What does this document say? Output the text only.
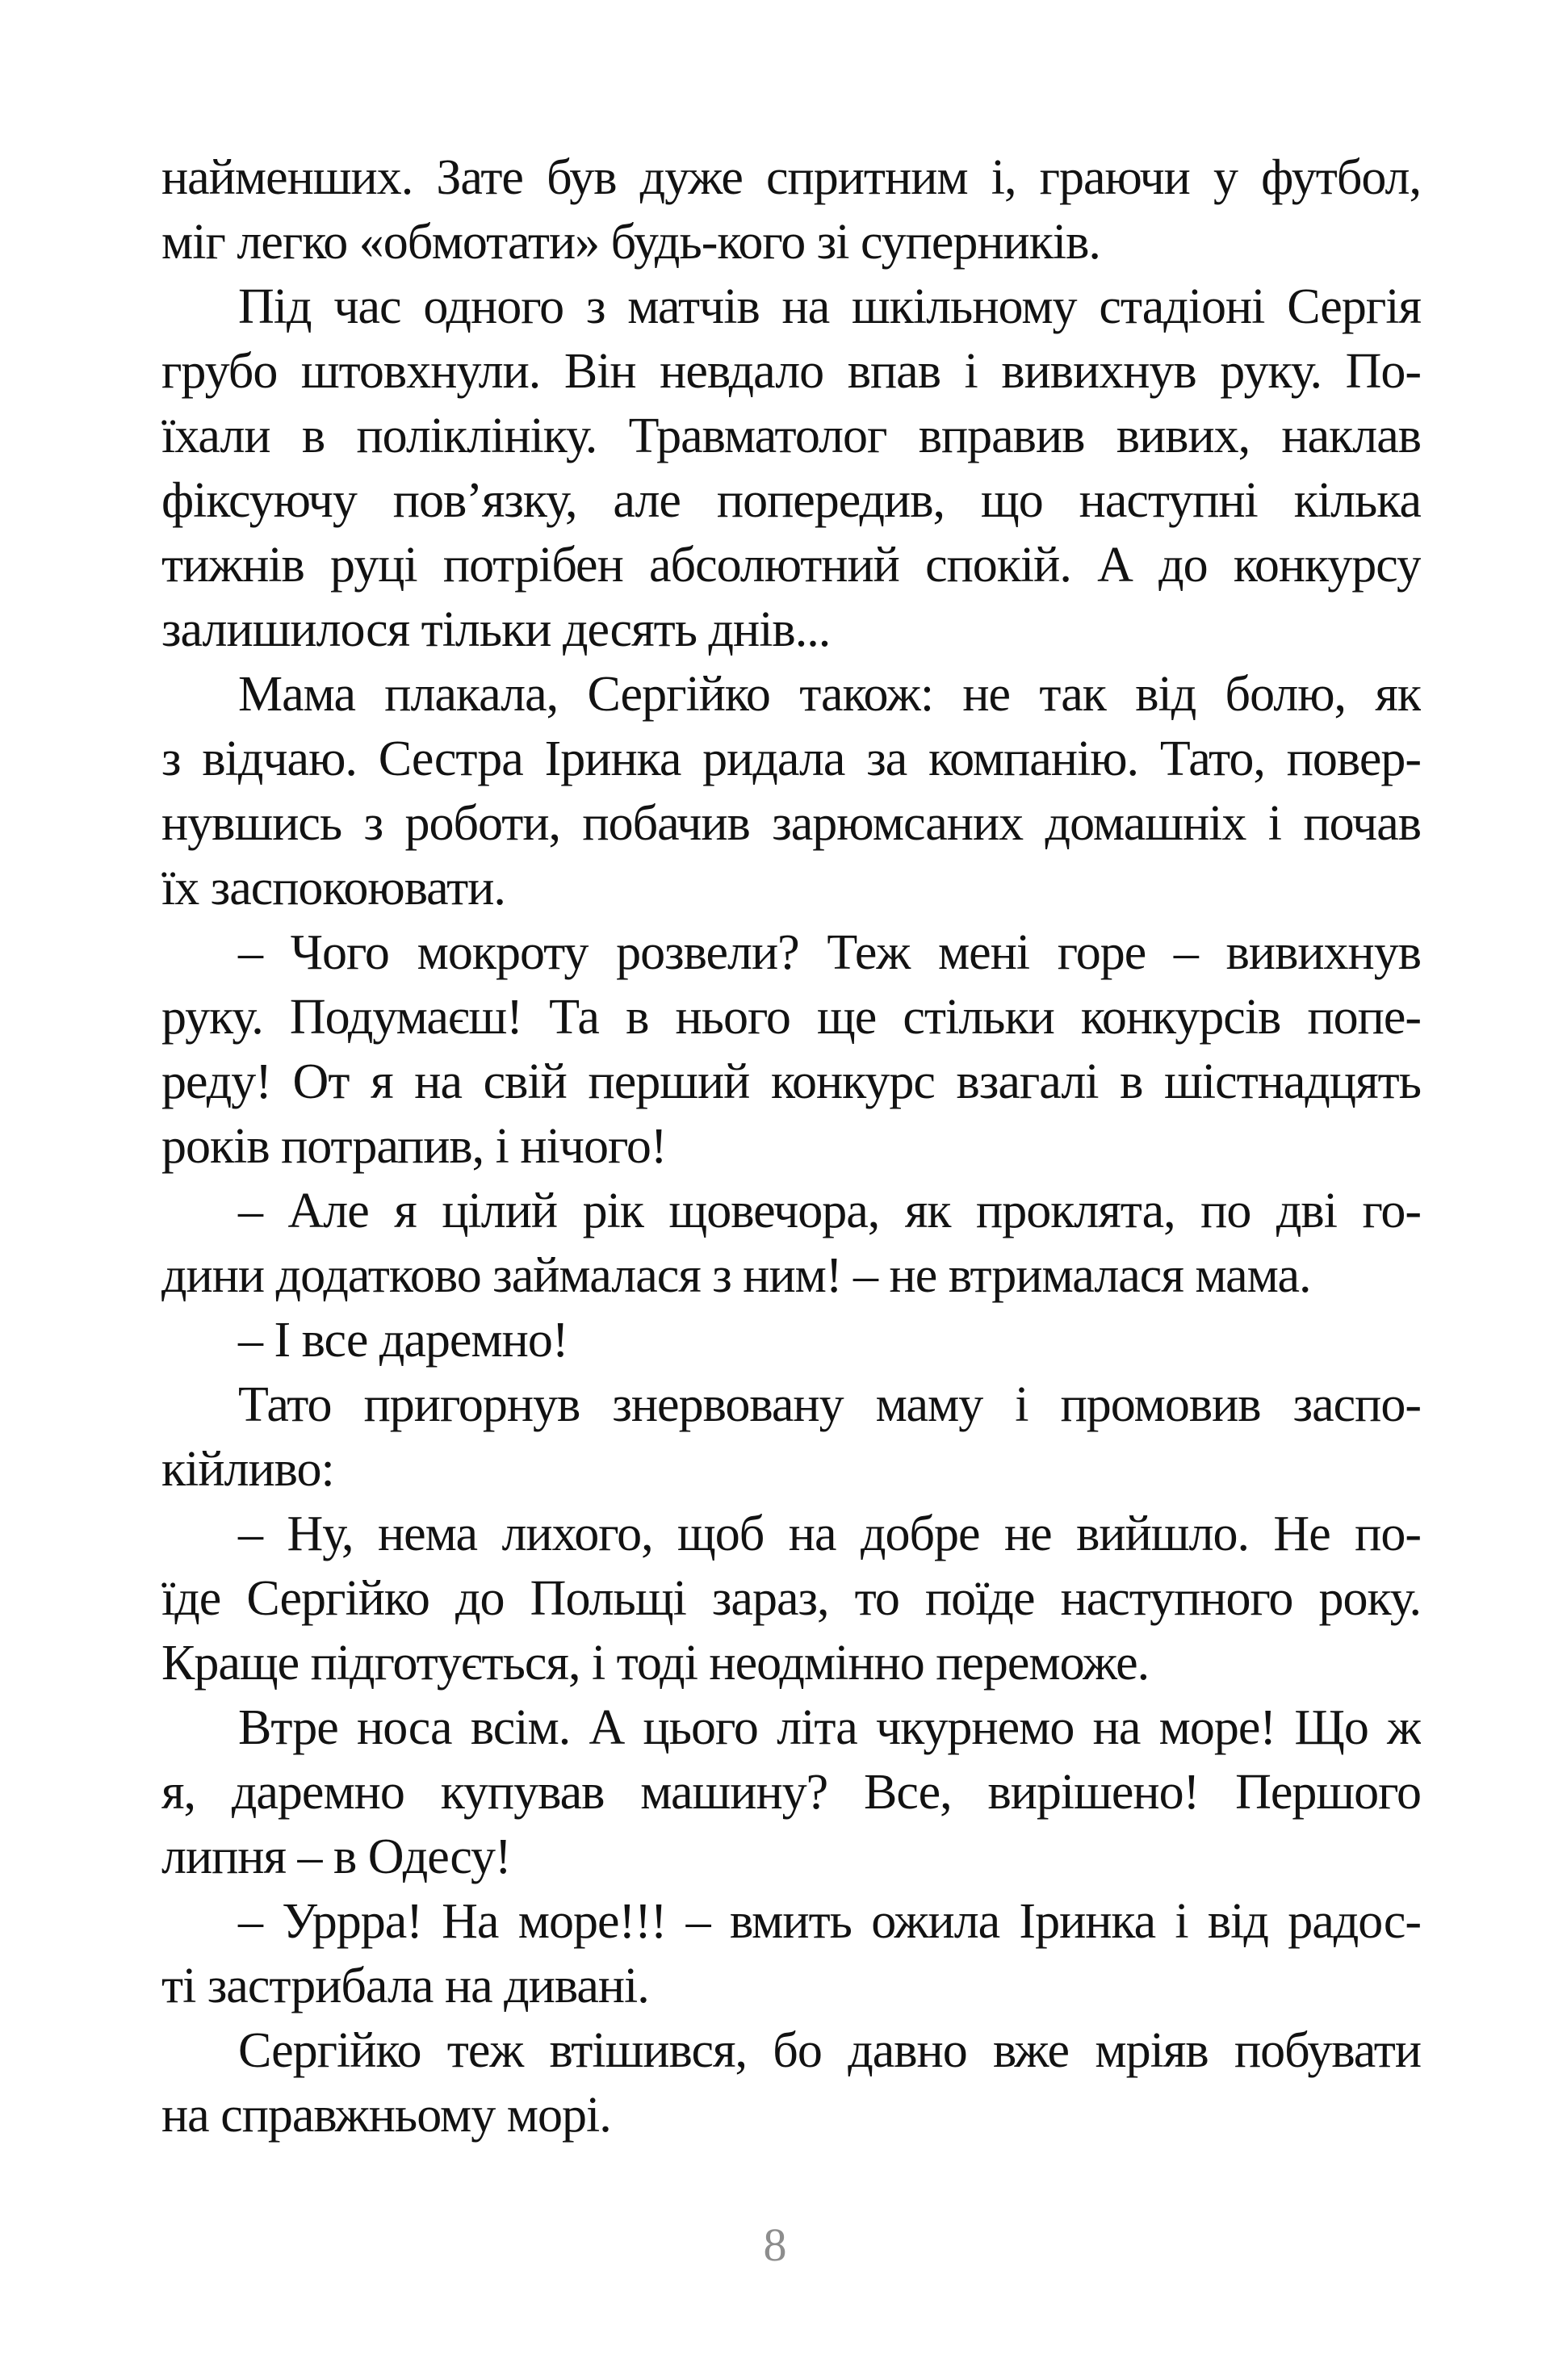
найменших. Зате був дуже спритним і, граючи у футбол,
міг легко «обмотати» будь-кого зі суперників.
Під час одного з матчів на шкільному стадіоні Сергія
грубо штовхнули. Він невдало впав і вивихнув руку. По-
їхали в поліклініку. Травматолог вправив вивих, наклав
фіксуючу пов’язку, але попередив, що наступні кілька
тижнів руці потрібен абсолютний спокій. А до конкурсу
залишилося тільки десять днів...
Мама плакала, Сергійко також: не так від болю, як
з відчаю. Сестра Іринка ридала за компанію. Тато, повер-
нувшись з роботи, побачив зарюмсаних домашніх і почав
їх заспокоювати.
– Чого мокроту розвели? Теж мені горе – вивихнув
руку. Подумаєш! Та в нього ще стільки конкурсів попе-
реду! От я на свій перший конкурс взагалі в шістнадцять
років потрапив, і нічого!
– Але я цілий рік щовечора, як проклята, по дві го-
дини додатково займалася з ним! – не втрималася мама.
– І все даремно!
Тато пригорнув знервовану маму і промовив заспо-
кійливо:
– Ну, нема лихого, щоб на добре не вийшло. Не по-
їде Сергійко до Польщі зараз, то поїде наступного року.
Краще підготується, і тоді неодмінно переможе.
Втре носа всім. А цього літа чкурнемо на море! Що ж
я, даремно купував машину? Все, вирішено! Першого
липня – в Одесу!
– Уррра! На море!!! – вмить ожила Іринка і від радос-
ті застрибала на дивані.
Сергійко теж втішився, бо давно вже мріяв побувати
на справжньому морі.
8
